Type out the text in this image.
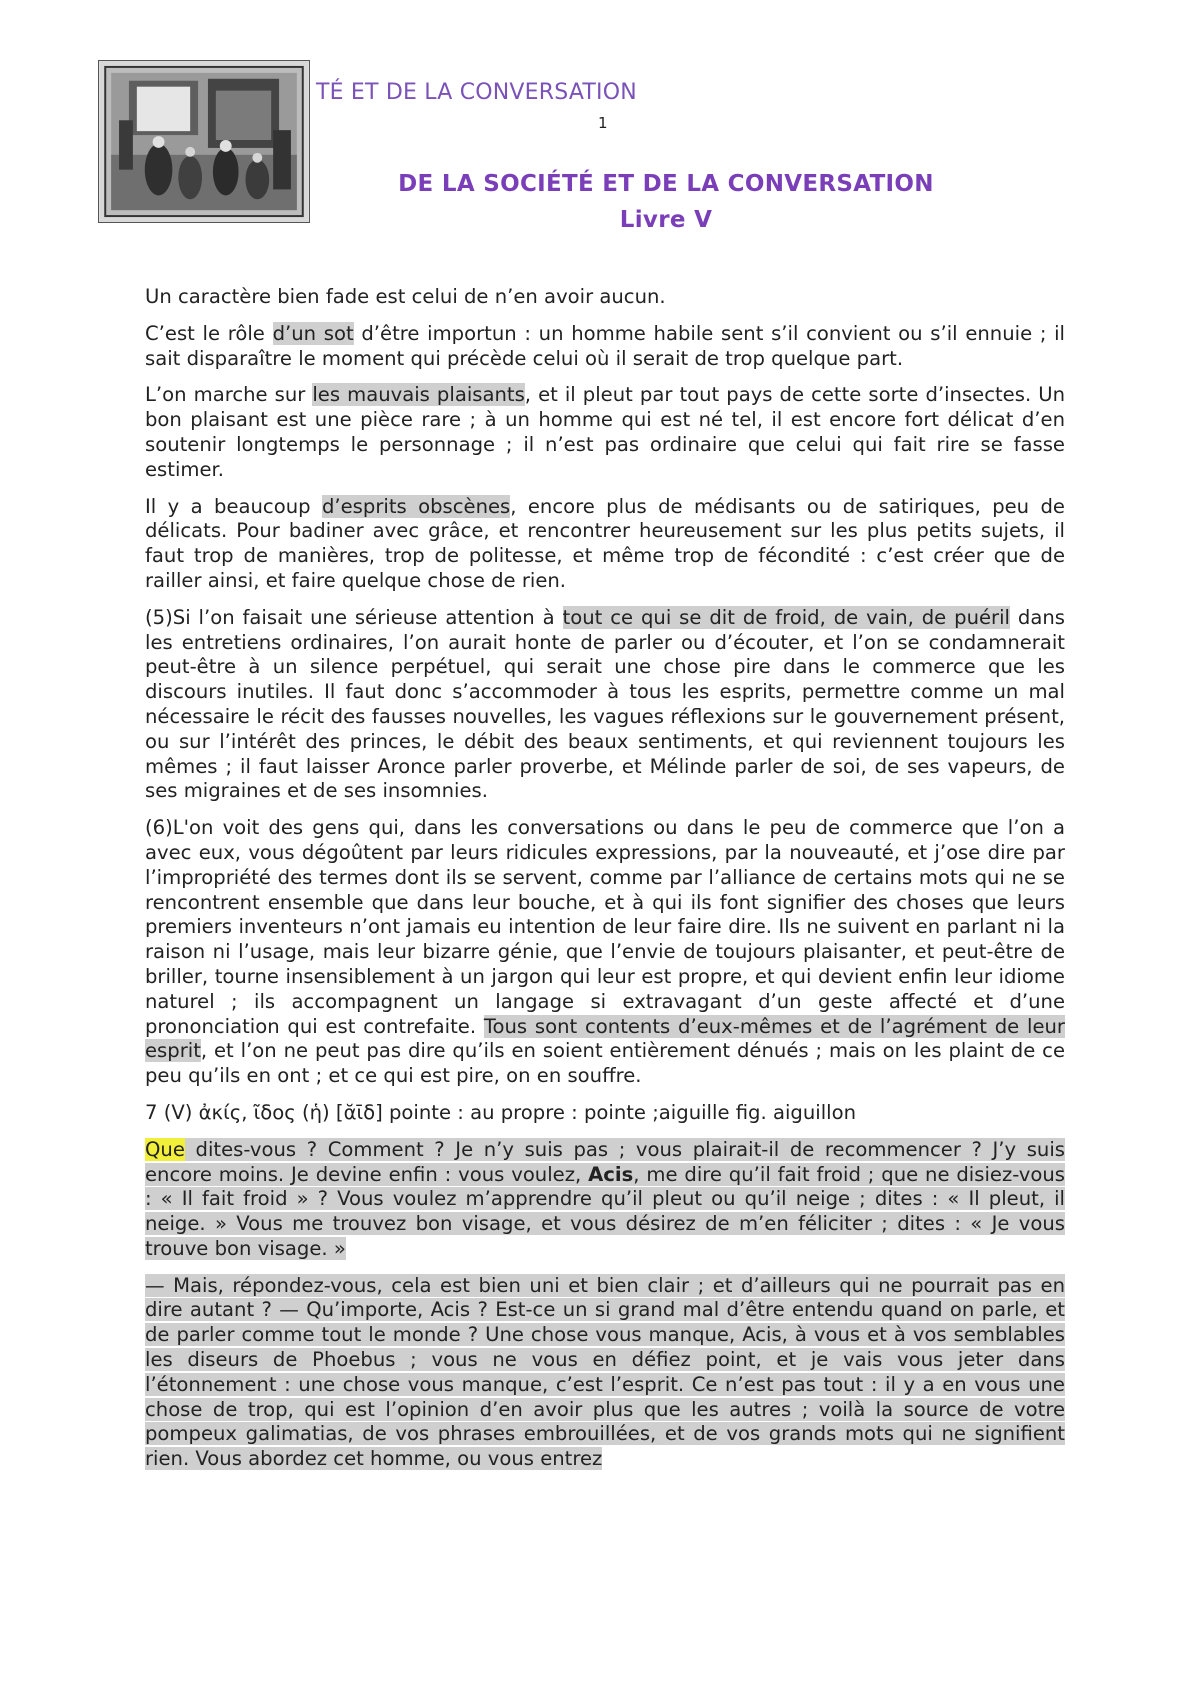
TÉ ET DE LA CONVERSATION
1
DE LA SOCIÉTÉ ET DE LA CONVERSATION
Livre V

Un caractère bien fade est celui de n’en avoir aucun.

C’est le rôle d’un sot d’être importun : un homme habile sent s’il convient ou s’il ennuie ; il sait disparaître le moment qui précède celui où il serait de trop quelque part.

L’on marche sur les mauvais plaisants, et il pleut par tout pays de cette sorte d’insectes. Un bon plaisant est une pièce rare ; à un homme qui est né tel, il est encore fort délicat d’en soutenir longtemps le personnage ; il n’est pas ordinaire que celui qui fait rire se fasse estimer.

Il y a beaucoup d’esprits obscènes, encore plus de médisants ou de satiriques, peu de délicats. Pour badiner avec grâce, et rencontrer heureusement sur les plus petits sujets, il faut trop de manières, trop de politesse, et même trop de fécondité : c’est créer que de railler ainsi, et faire quelque chose de rien.

(5)Si l’on faisait une sérieuse attention à tout ce qui se dit de froid, de vain, de puéril dans les entretiens ordinaires, l’on aurait honte de parler ou d’écouter, et l’on se condamnerait peut-être à un silence perpétuel, qui serait une chose pire dans le commerce que les discours inutiles. Il faut donc s’accommoder à tous les esprits, permettre comme un mal nécessaire le récit des fausses nouvelles, les vagues réflexions sur le gouvernement présent, ou sur l’intérêt des princes, le débit des beaux sentiments, et qui reviennent toujours les mêmes ; il faut laisser Aronce parler proverbe, et Mélinde parler de soi, de ses vapeurs, de ses migraines et de ses insomnies.

(6)L'on voit des gens qui, dans les conversations ou dans le peu de commerce que l’on a avec eux, vous dégoûtent par leurs ridicules expressions, par la nouveauté, et j’ose dire par l’impropriété des termes dont ils se servent, comme par l’alliance de certains mots qui ne se rencontrent ensemble que dans leur bouche, et à qui ils font signifier des choses que leurs premiers inventeurs n’ont jamais eu intention de leur faire dire. Ils ne suivent en parlant ni la raison ni l’usage, mais leur bizarre génie, que l’envie de toujours plaisanter, et peut-être de briller, tourne insensiblement à un jargon qui leur est propre, et qui devient enfin leur idiome naturel ; ils accompagnent un langage si extravagant d’un geste affecté et d’une prononciation qui est contrefaite. Tous sont contents d’eux-mêmes et de l’agrément de leur esprit, et l’on ne peut pas dire qu’ils en soient entièrement dénués ; mais on les plaint de ce peu qu’ils en ont ; et ce qui est pire, on en souffre.

7 (V) ἀκίς, ῖδος (ἡ) [ᾰῑδ] pointe : au propre : pointe ;aiguille fig. aiguillon

Que dites-vous ? Comment ? Je n’y suis pas ; vous plairait-il de recommencer ? J’y suis encore moins. Je devine enfin : vous voulez, Acis, me dire qu’il fait froid ; que ne disiez-vous : « Il fait froid » ? Vous voulez m’apprendre qu’il pleut ou qu’il neige ; dites : « Il pleut, il neige. » Vous me trouvez bon visage, et vous désirez de m’en féliciter ; dites : « Je vous trouve bon visage. »

— Mais, répondez-vous, cela est bien uni et bien clair ; et d’ailleurs qui ne pourrait pas en dire autant ? — Qu’importe, Acis ? Est-ce un si grand mal d’être entendu quand on parle, et de parler comme tout le monde ? Une chose vous manque, Acis, à vous et à vos semblables les diseurs de Phoebus ; vous ne vous en défiez point, et je vais vous jeter dans l’étonnement : une chose vous manque, c’est l’esprit. Ce n’est pas tout : il y a en vous une chose de trop, qui est l’opinion d’en avoir plus que les autres ; voilà la source de votre pompeux galimatias, de vos phrases embrouillées, et de vos grands mots qui ne signifient rien. Vous abordez cet homme, ou vous entrez
